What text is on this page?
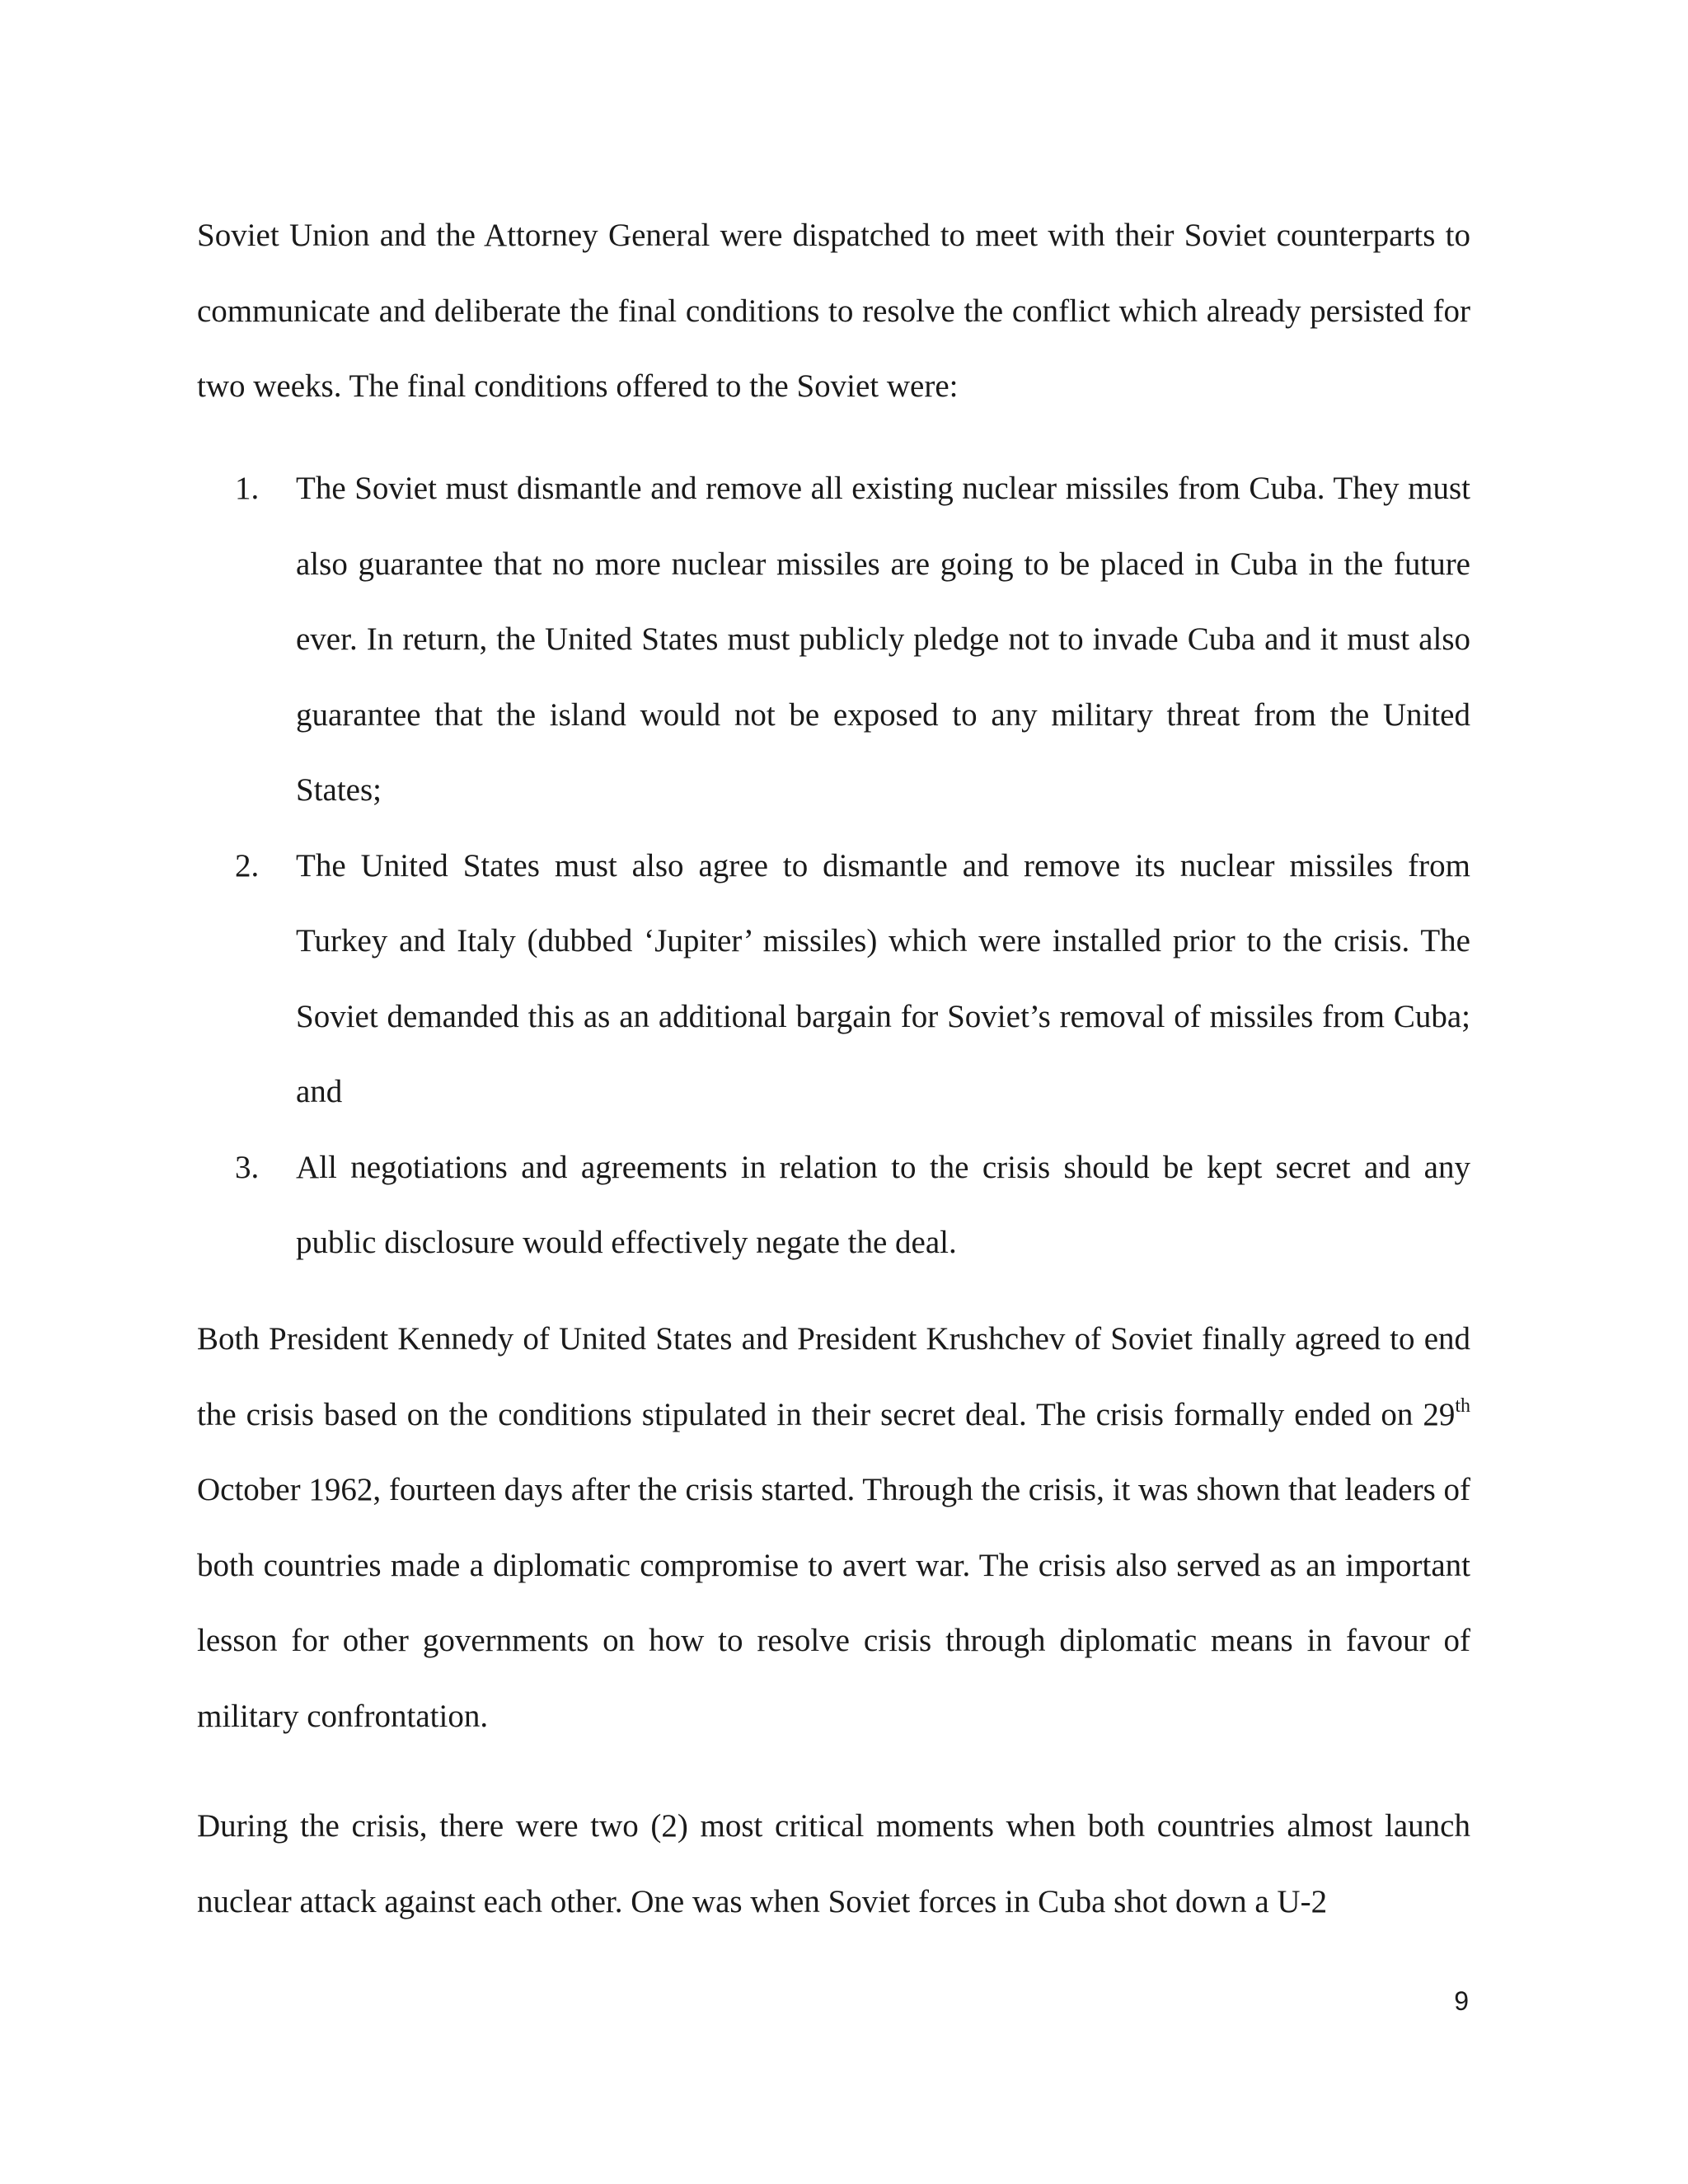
Soviet Union and the Attorney General were dispatched to meet with their Soviet counterparts to communicate and deliberate the final conditions to resolve the conflict which already persisted for two weeks. The final conditions offered to the Soviet were:

1. The Soviet must dismantle and remove all existing nuclear missiles from Cuba. They must also guarantee that no more nuclear missiles are going to be placed in Cuba in the future ever. In return, the United States must publicly pledge not to invade Cuba and it must also guarantee that the island would not be exposed to any military threat from the United States;
2. The United States must also agree to dismantle and remove its nuclear missiles from Turkey and Italy (dubbed ‘Jupiter’ missiles) which were installed prior to the crisis. The Soviet demanded this as an additional bargain for Soviet’s removal of missiles from Cuba; and
3. All negotiations and agreements in relation to the crisis should be kept secret and any public disclosure would effectively negate the deal.

Both President Kennedy of United States and President Krushchev of Soviet finally agreed to end the crisis based on the conditions stipulated in their secret deal. The crisis formally ended on 29th October 1962, fourteen days after the crisis started. Through the crisis, it was shown that leaders of both countries made a diplomatic compromise to avert war. The crisis also served as an important lesson for other governments on how to resolve crisis through diplomatic means in favour of military confrontation.

During the crisis, there were two (2) most critical moments when both countries almost launch nuclear attack against each other. One was when Soviet forces in Cuba shot down a U-2

9
